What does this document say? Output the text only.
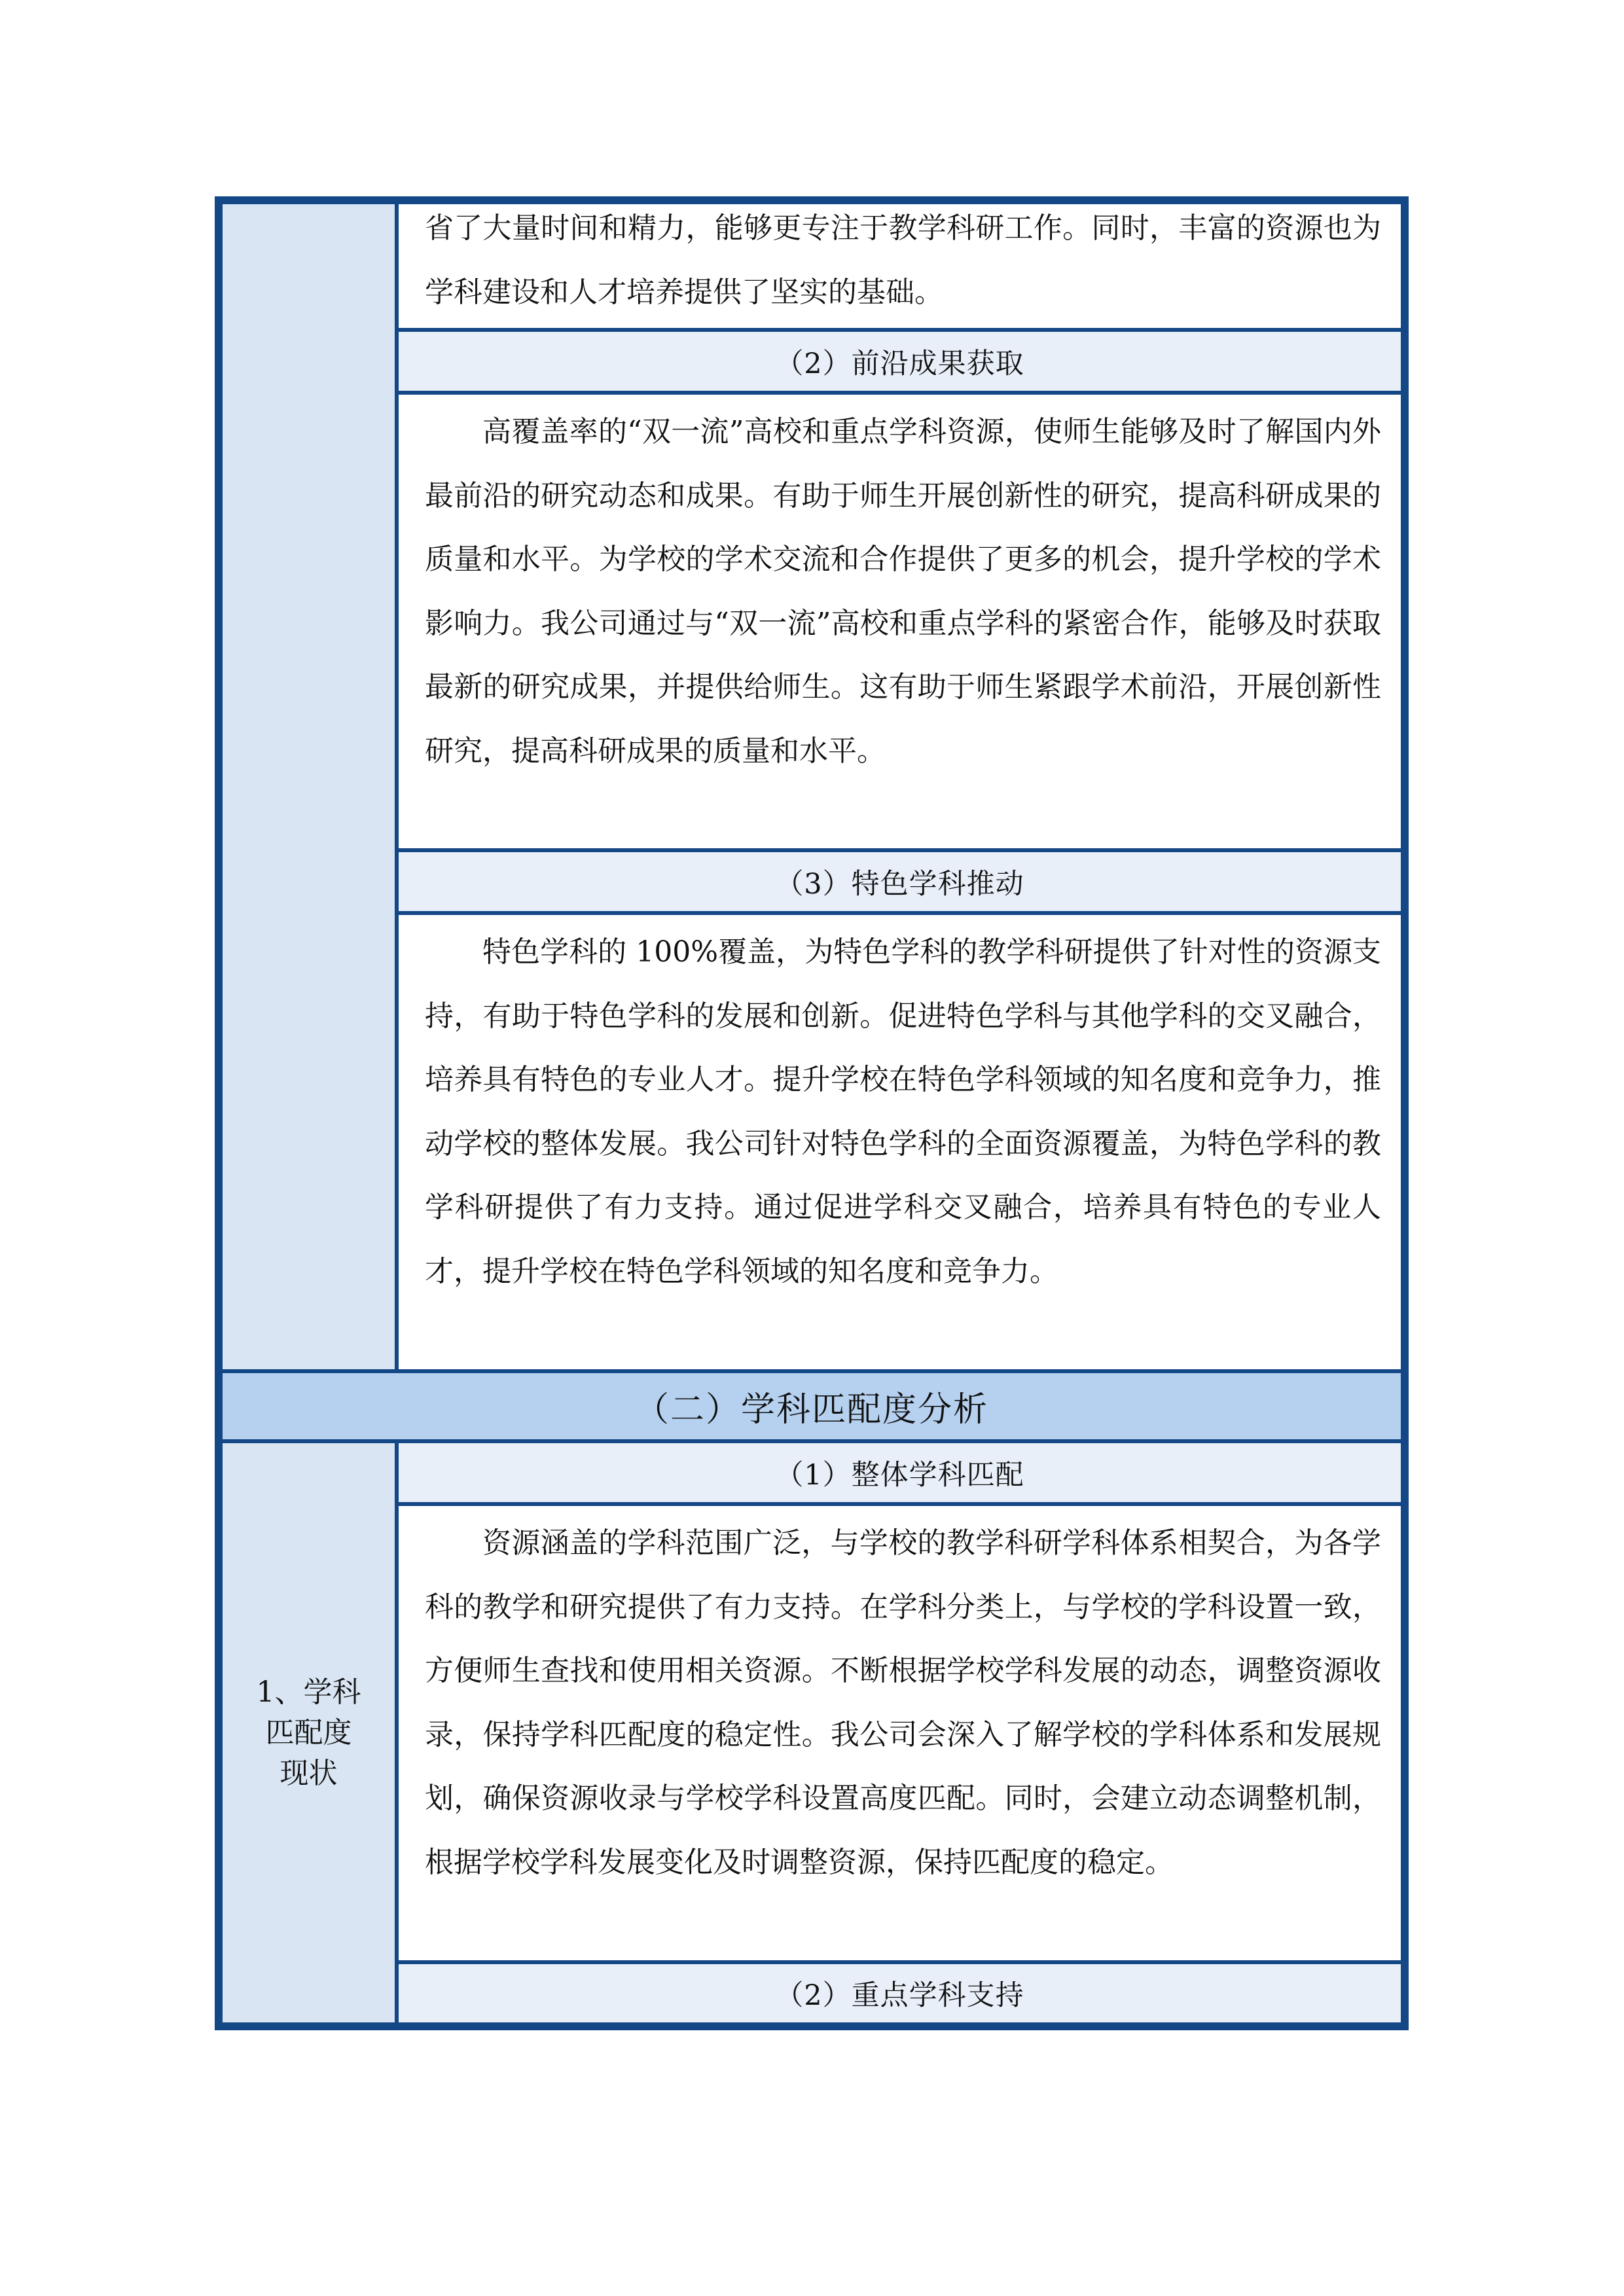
省了大量时间和精力，能够更专注于教学科研工作。同时，丰富的资源也为学科建设和人才培养提供了坚实的基础。

（2）前沿成果获取

高覆盖率的“双一流”高校和重点学科资源，使师生能够及时了解国内外最前沿的研究动态和成果。有助于师生开展创新性的研究，提高科研成果的质量和水平。为学校的学术交流和合作提供了更多的机会，提升学校的学术影响力。我公司通过与“双一流”高校和重点学科的紧密合作，能够及时获取最新的研究成果，并提供给师生。这有助于师生紧跟学术前沿，开展创新性研究，提高科研成果的质量和水平。

（3）特色学科推动

特色学科的 100%覆盖，为特色学科的教学科研提供了针对性的资源支持，有助于特色学科的发展和创新。促进特色学科与其他学科的交叉融合，培养具有特色的专业人才。提升学校在特色学科领域的知名度和竞争力，推动学校的整体发展。我公司针对特色学科的全面资源覆盖，为特色学科的教学科研提供了有力支持。通过促进学科交叉融合，培养具有特色的专业人才，提升学校在特色学科领域的知名度和竞争力。

（二）学科匹配度分析
1、学科
匹配度
现状
（1）整体学科匹配

资源涵盖的学科范围广泛，与学校的教学科研学科体系相契合，为各学科的教学和研究提供了有力支持。在学科分类上，与学校的学科设置一致，方便师生查找和使用相关资源。不断根据学校学科发展的动态，调整资源收录，保持学科匹配度的稳定性。我公司会深入了解学校的学科体系和发展规划，确保资源收录与学校学科设置高度匹配。同时，会建立动态调整机制，根据学校学科发展变化及时调整资源，保持匹配度的稳定。

（2）重点学科支持
